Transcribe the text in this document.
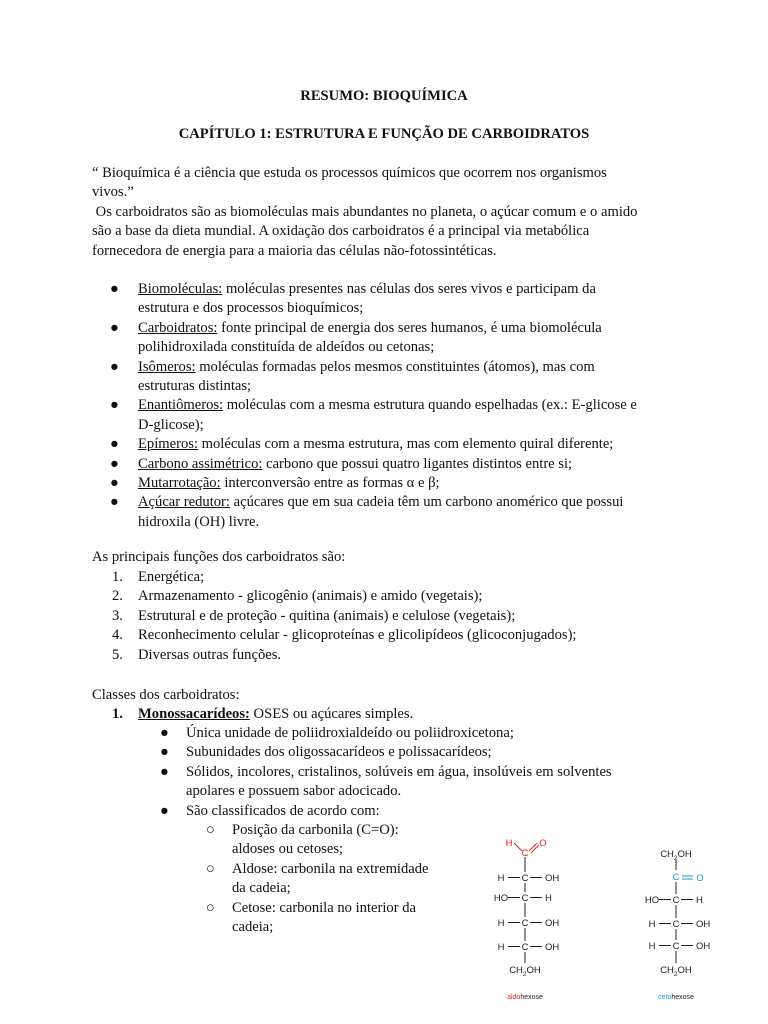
RESUMO: BIOQUÍMICA
CAPÍTULO 1: ESTRUTURA E FUNÇÃO DE CARBOIDRATOS
“ Bioquímica é a ciência que estuda os processos químicos que ocorrem nos organismos
vivos.”
Os carboidratos são as biomoléculas mais abundantes no planeta, o açúcar comum e o amido
são a base da dieta mundial. A oxidação dos carboidratos é a principal via metabólica
fornecedora de energia para a maioria das células não-fotossintéticas.
● Biomoléculas: moléculas presentes nas células dos seres vivos e participam da
estrutura e dos processos bioquímicos;
● Carboidratos: fonte principal de energia dos seres humanos, é uma biomolécula
polihidroxilada constituída de aldeídos ou cetonas;
● Isômeros: moléculas formadas pelos mesmos constituintes (átomos), mas com
estruturas distintas;
● Enantiômeros: moléculas com a mesma estrutura quando espelhadas (ex.: E-glicose e
D-glicose);
● Epímeros: moléculas com a mesma estrutura, mas com elemento quiral diferente;
● Carbono assimétrico: carbono que possui quatro ligantes distintos entre si;
● Mutarrotação: interconversão entre as formas α e β;
● Açúcar redutor: açúcares que em sua cadeia têm um carbono anomérico que possui
hidroxila (OH) livre.
As principais funções dos carboidratos são:
1. Energética;
2. Armazenamento - glicogênio (animais) e amido (vegetais);
3. Estrutural e de proteção - quitina (animais) e celulose (vegetais);
4. Reconhecimento celular - glicoproteínas e glicolipídeos (glicoconjugados);
5. Diversas outras funções.
Classes dos carboidratos:
1. Monossacarídeos: OSES ou açúcares simples.
● Única unidade de poliidroxialdeído ou poliidroxicetona;
● Subunidades dos oligossacarídeos e polissacarídeos;
● Sólidos, incolores, cristalinos, solúveis em água, insolúveis em solventes
apolares e possuem sabor adocicado.
● São classificados de acordo com:
○ Posição da carbonila (C=O):
aldoses ou cetoses;
○ Aldose: carbonila na extremidade
da cadeia;
○ Cetose: carbonila no interior da
cadeia;
H
C
O
C
H	OH
C
HO	H
C
H	OH
C
H	OH
$CH_2OH$
aldohexose
$CH_2OH$
C O
C
HO	H
C
H	OH
C
H	OH
$CH_2OH$
cetohexose
